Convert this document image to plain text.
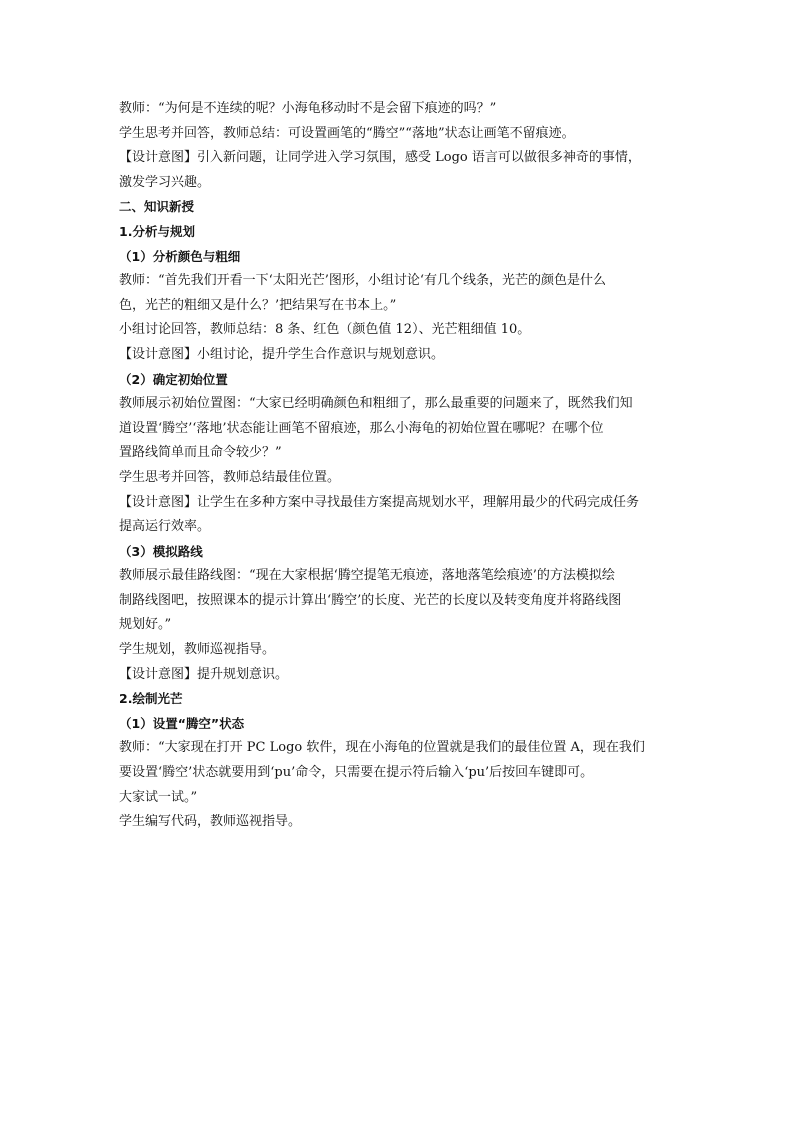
教师：“为何是不连续的呢？小海龟移动时不是会留下痕迹的吗？”

学生思考并回答，教师总结：可设置画笔的“腾空”“落地”状态让画笔不留痕迹。

【设计意图】引入新问题，让同学进入学习氛围，感受 Logo 语言可以做很多神奇的事情，

激发学习兴趣。

二、知识新授

1.分析与规划

（1）分析颜色与粗细

教师：“首先我们开看一下‘太阳光芒’图形，小组讨论‘有几个线条，光芒的颜色是什么

色，光芒的粗细又是什么？’把结果写在书本上。”

小组讨论回答，教师总结：8 条、红色（颜色值 12）、光芒粗细值 10。

【设计意图】小组讨论，提升学生合作意识与规划意识。

（2）确定初始位置

教师展示初始位置图：“大家已经明确颜色和粗细了，那么最重要的问题来了，既然我们知

道设置‘腾空’‘落地’状态能让画笔不留痕迹，那么小海龟的初始位置在哪呢？在哪个位

置路线简单而且命令较少？”

学生思考并回答，教师总结最佳位置。

【设计意图】让学生在多种方案中寻找最佳方案提高规划水平，理解用最少的代码完成任务

提高运行效率。

（3）模拟路线

教师展示最佳路线图：“现在大家根据‘腾空提笔无痕迹，落地落笔绘痕迹’的方法模拟绘

制路线图吧，按照课本的提示计算出‘腾空’的长度、光芒的长度以及转变角度并将路线图

规划好。”

学生规划，教师巡视指导。

【设计意图】提升规划意识。

2.绘制光芒

（1）设置“腾空”状态

教师：“大家现在打开 PC Logo 软件，现在小海龟的位置就是我们的最佳位置 A，现在我们

要设置‘腾空’状态就要用到‘pu’命令，只需要在提示符后输入‘pu’后按回车键即可。

大家试一试。”

学生编写代码，教师巡视指导。
